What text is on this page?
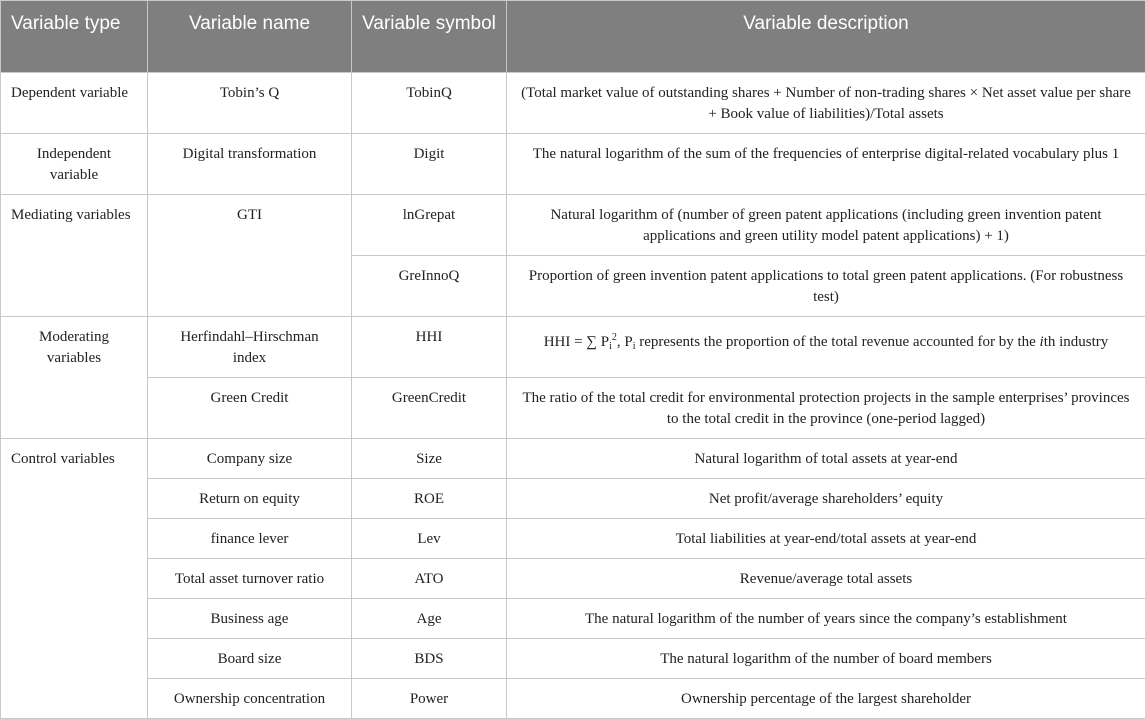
Variable type	Variable name	Variable symbol	Variable description
Dependent variable	Tobin’s Q	TobinQ	(Total market value of outstanding shares + Number of non-trading shares × Net asset value per share + Book value of liabilities)/Total assets
Independent variable	Digital transformation	Digit	The natural logarithm of the sum of the frequencies of enterprise digital-related vocabulary plus 1
Mediating variables	GTI	lnGrepat	Natural logarithm of (number of green patent applications (including green invention patent applications and green utility model patent applications) + 1)
		GreInnoQ	Proportion of green invention patent applications to total green patent applications. (For robustness test)
Moderating variables	Herfindahl–Hirschman index	HHI	HHI = ∑ $P_i^2$, $P_i$ represents the proportion of the total revenue accounted for by the ith industry
	Green Credit	GreenCredit	The ratio of the total credit for environmental protection projects in the sample enterprises’ provinces to the total credit in the province (one-period lagged)
Control variables	Company size	Size	Natural logarithm of total assets at year-end
	Return on equity	ROE	Net profit/average shareholders’ equity
	finance lever	Lev	Total liabilities at year-end/total assets at year-end
	Total asset turnover ratio	ATO	Revenue/average total assets
	Business age	Age	The natural logarithm of the number of years since the company’s establishment
	Board size	BDS	The natural logarithm of the number of board members
	Ownership concentration	Power	Ownership percentage of the largest shareholder
